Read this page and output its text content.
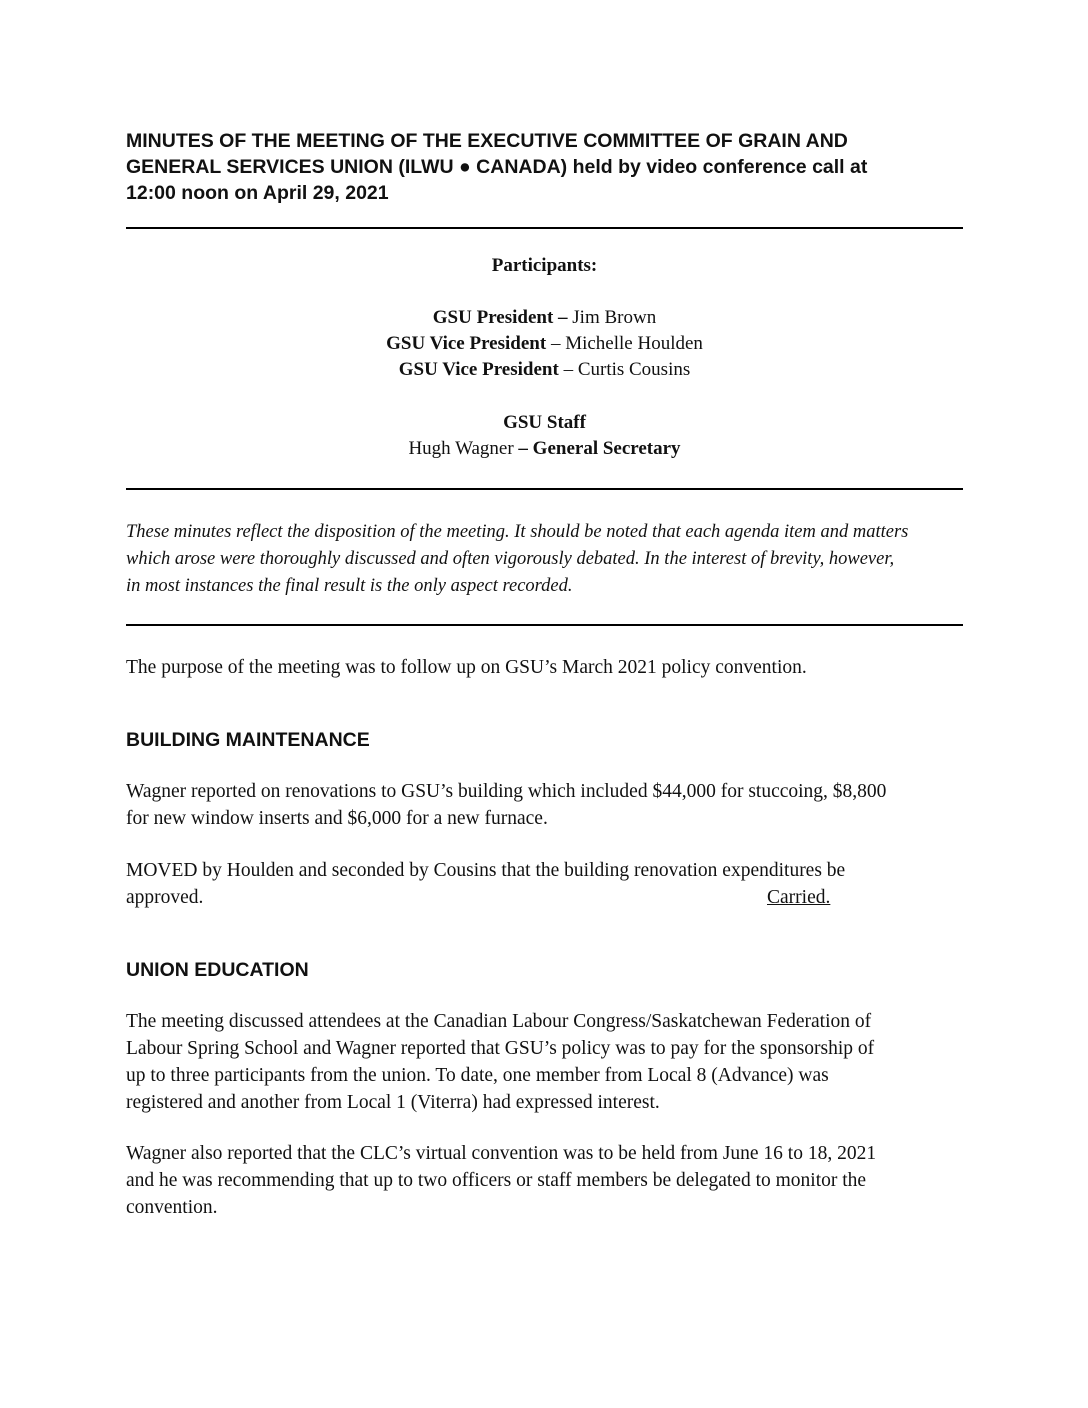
MINUTES OF THE MEETING OF THE EXECUTIVE COMMITTEE OF GRAIN AND
GENERAL SERVICES UNION (ILWU ● CANADA) held by video conference call at
12:00 noon on April 29, 2021
Participants:
GSU President – Jim Brown
GSU Vice President – Michelle Houlden
GSU Vice President – Curtis Cousins
GSU Staff
Hugh Wagner – General Secretary
These minutes reflect the disposition of the meeting. It should be noted that each agenda item and matters
which arose were thoroughly discussed and often vigorously debated. In the interest of brevity, however,
in most instances the final result is the only aspect recorded.
The purpose of the meeting was to follow up on GSU’s March 2021 policy convention.
BUILDING MAINTENANCE
Wagner reported on renovations to GSU’s building which included $44,000 for stuccoing, $8,800
for new window inserts and $6,000 for a new furnace.
MOVED by Houlden and seconded by Cousins that the building renovation expenditures be
approved.	Carried.
UNION EDUCATION
The meeting discussed attendees at the Canadian Labour Congress/Saskatchewan Federation of
Labour Spring School and Wagner reported that GSU’s policy was to pay for the sponsorship of
up to three participants from the union. To date, one member from Local 8 (Advance) was
registered and another from Local 1 (Viterra) had expressed interest.
Wagner also reported that the CLC’s virtual convention was to be held from June 16 to 18, 2021
and he was recommending that up to two officers or staff members be delegated to monitor the
convention.
